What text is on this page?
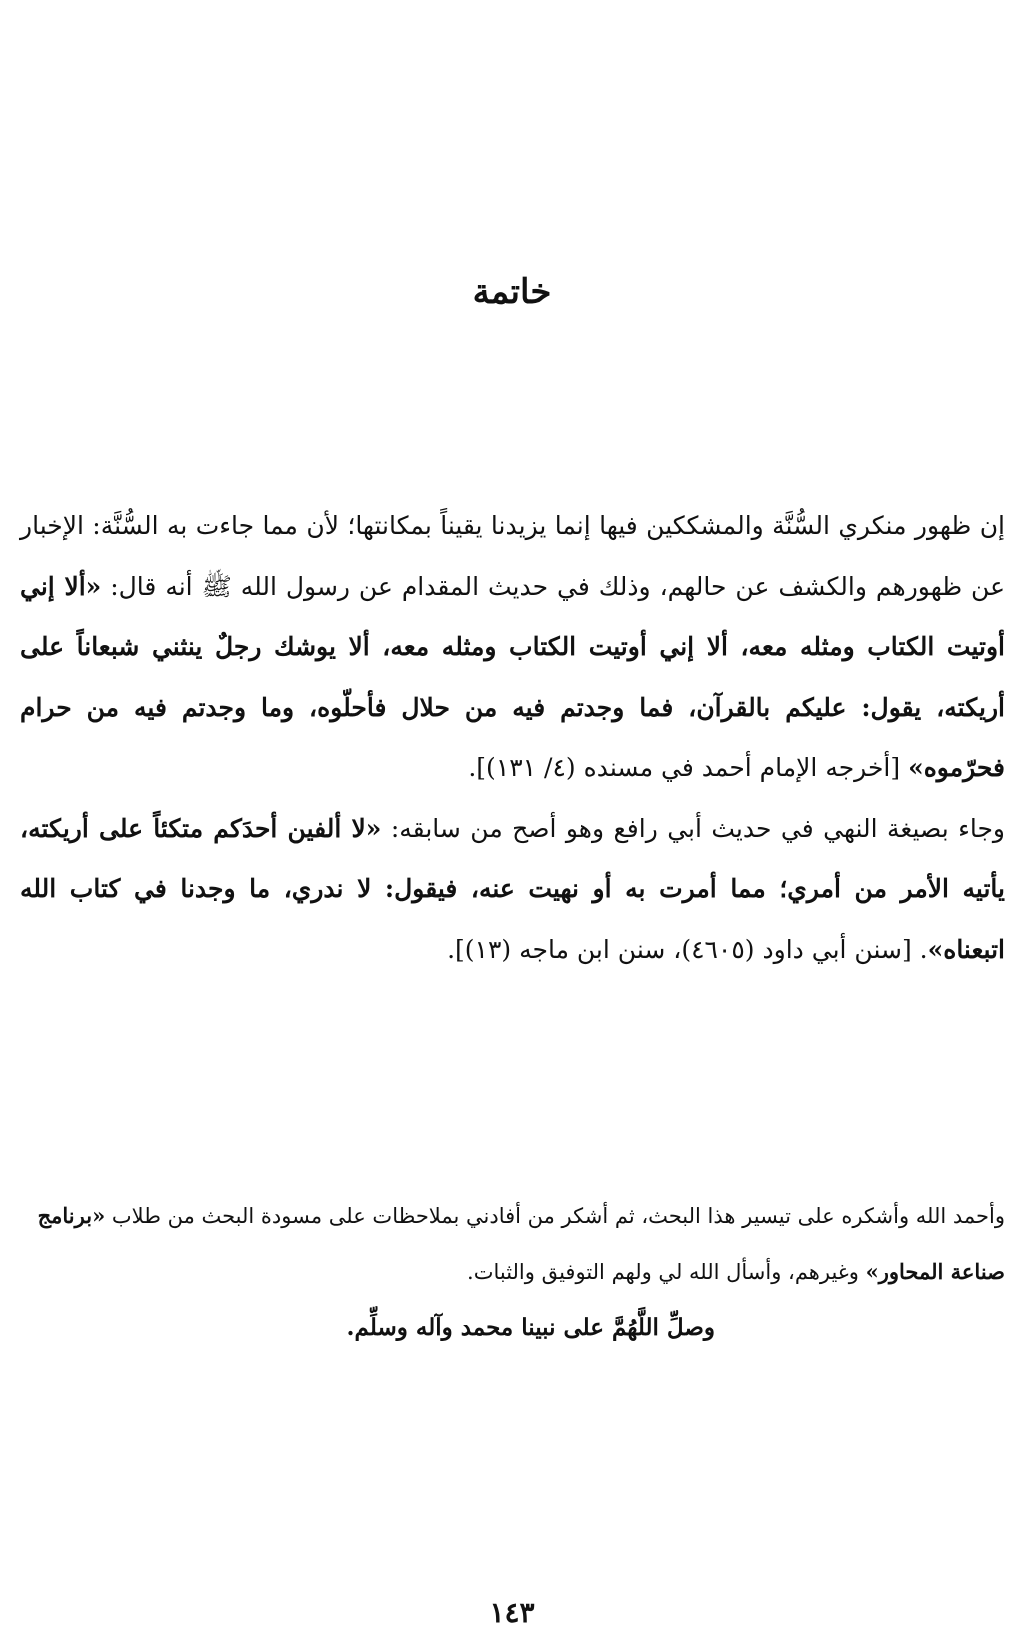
خاتمة

إن ظهور منكري السُّنَّة والمشككين فيها إنما يزيدنا يقيناً بمكانتها؛ لأن مما جاءت به السُّنَّة: الإخبار عن ظهورهم والكشف عن حالهم، وذلك في حديث المقدام عن رسول الله ﷺ أنه قال: «ألا إني أوتيت الكتاب ومثله معه، ألا إني أوتيت الكتاب ومثله معه، ألا يوشك رجلٌ ينثني شبعاناً على أريكته، يقول: عليكم بالقرآن، فما وجدتم فيه من حلال فأحلّوه، وما وجدتم فيه من حرام فحرّموه» [أخرجه الإمام أحمد في مسنده (٤/ ١٣١)].

وجاء بصيغة النهي في حديث أبي رافع وهو أصح من سابقه: «لا ألفين أحدَكم متكئاً على أريكته، يأتيه الأمر من أمري؛ مما أمرت به أو نهيت عنه، فيقول: لا ندري، ما وجدنا في كتاب الله اتبعناه». [سنن أبي داود (٤٦٠٥)، سنن ابن ماجه (١٣)].

وأحمد الله وأشكره على تيسير هذا البحث، ثم أشكر من أفادني بملاحظات على مسودة البحث من طلاب «برنامج صناعة المحاور» وغيرهم، وأسأل الله لي ولهم التوفيق والثبات.

وصلِّ اللَّهُمَّ على نبينا محمد وآله وسلِّم.

١٤٣
